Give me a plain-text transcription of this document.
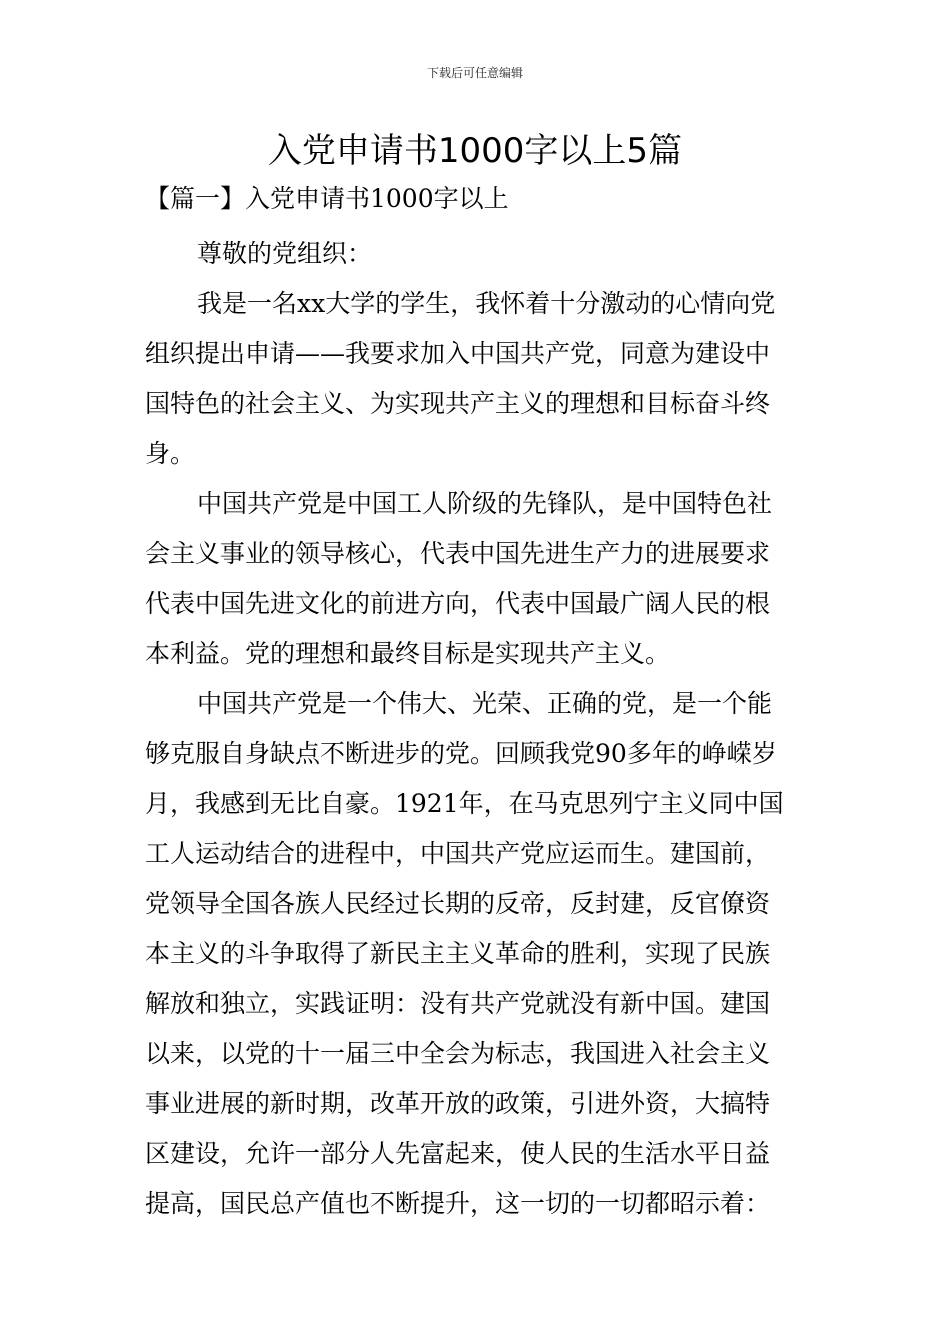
下载后可任意编辑
入党申请书1000字以上5篇
【篇一】入党申请书1000字以上
尊敬的党组织：
我是一名xx大学的学生，我怀着十分激动的心情向党
组织提出申请——我要求加入中国共产党，同意为建设中
国特色的社会主义、为实现共产主义的理想和目标奋斗终
身。
中国共产党是中国工人阶级的先锋队，是中国特色社
会主义事业的领导核心，代表中国先进生产力的进展要求
代表中国先进文化的前进方向，代表中国最广阔人民的根
本利益。党的理想和最终目标是实现共产主义。
中国共产党是一个伟大、光荣、正确的党，是一个能
够克服自身缺点不断进步的党。回顾我党90多年的峥嵘岁
月，我感到无比自豪。1921年，在马克思列宁主义同中国
工人运动结合的进程中，中国共产党应运而生。建国前，
党领导全国各族人民经过长期的反帝，反封建，反官僚资
本主义的斗争取得了新民主主义革命的胜利，实现了民族
解放和独立，实践证明：没有共产党就没有新中国。建国
以来，以党的十一届三中全会为标志，我国进入社会主义
事业进展的新时期，改革开放的政策，引进外资，大搞特
区建设，允许一部分人先富起来，使人民的生活水平日益
提高，国民总产值也不断提升，这一切的一切都昭示着：
